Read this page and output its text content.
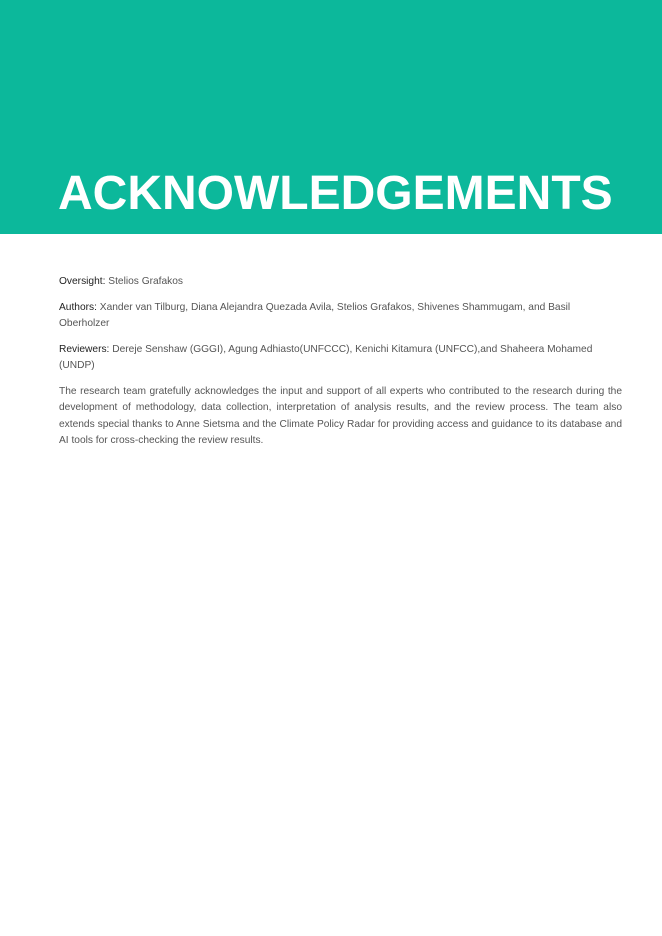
ACKNOWLEDGEMENTS

Oversight: Stelios Grafakos

Authors: Xander van Tilburg, Diana Alejandra Quezada Avila, Stelios Grafakos, Shivenes Shammugam, and Basil Oberholzer

Reviewers: Dereje Senshaw (GGGI), Agung Adhiasto(UNFCCC), Kenichi Kitamura (UNFCC),and Shaheera Mohamed (UNDP)

The research team gratefully acknowledges the input and support of all experts who contributed to the research during the development of methodology, data collection, interpretation of analysis results, and the review process. The team also extends special thanks to Anne Sietsma and the Climate Policy Radar for providing access and guidance to its database and AI tools for cross-checking the review results.
